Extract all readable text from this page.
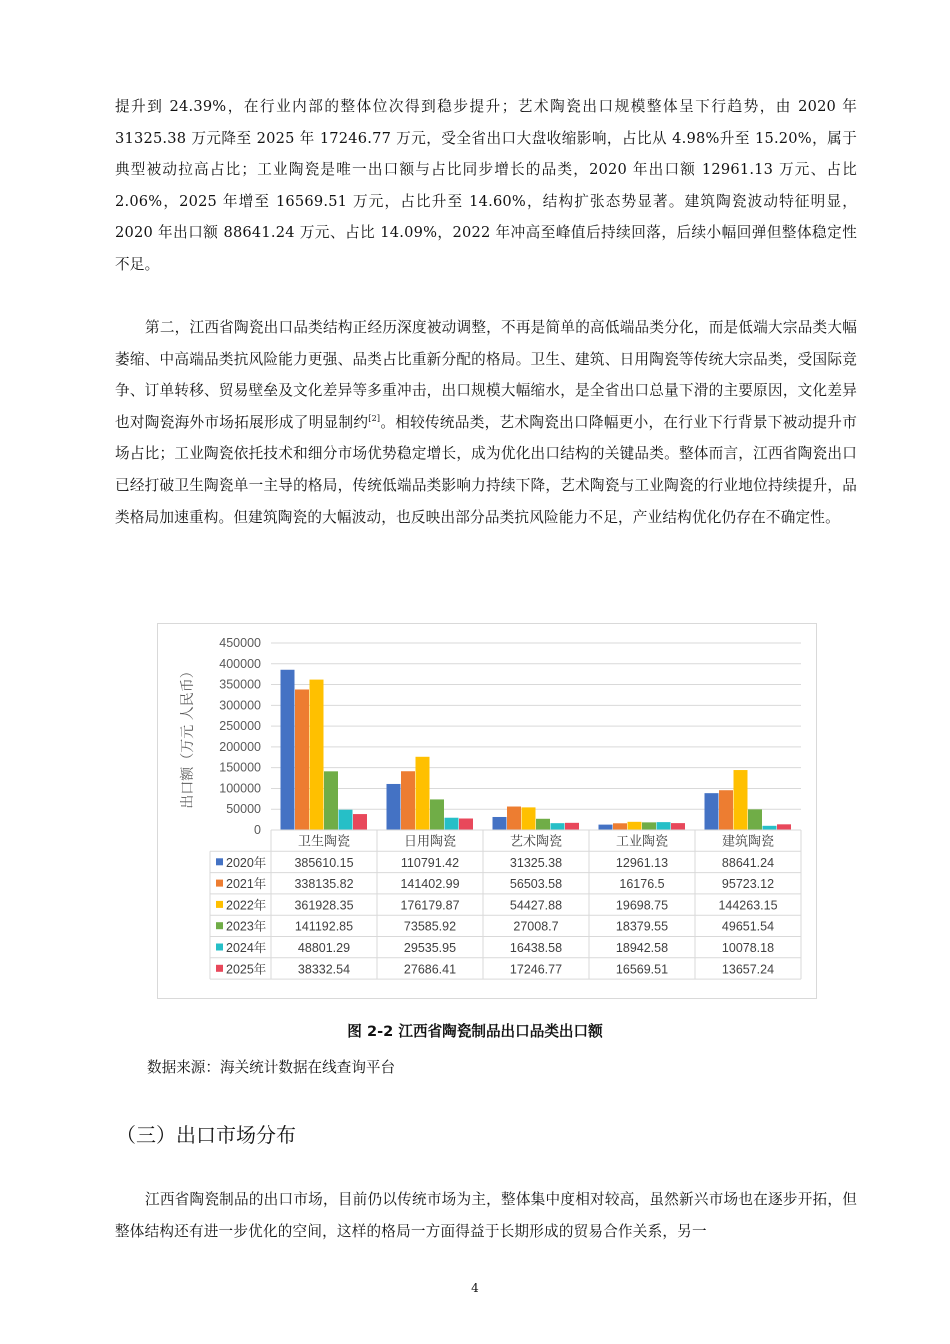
提升到 24.39%，在行业内部的整体位次得到稳步提升；艺术陶瓷出口规模整体呈下行趋势，由 2020 年 31325.38 万元降至 2025 年 17246.77 万元，受全省出口大盘收缩影响，占比从 4.98%升至 15.20%，属于典型被动拉高占比；工业陶瓷是唯一出口额与占比同步增长的品类，2020 年出口额 12961.13 万元、占比 2.06%，2025 年增至 16569.51 万元，占比升至 14.60%，结构扩张态势显著。建筑陶瓷波动特征明显，2020 年出口额 88641.24 万元、占比 14.09%，2022 年冲高至峰值后持续回落，后续小幅回弹但整体稳定性不足。

第二，江西省陶瓷出口品类结构正经历深度被动调整，不再是简单的高低端品类分化，而是低端大宗品类大幅萎缩、中高端品类抗风险能力更强、品类占比重新分配的格局。卫生、建筑、日用陶瓷等传统大宗品类，受国际竞争、订单转移、贸易壁垒及文化差异等多重冲击，出口规模大幅缩水，是全省出口总量下滑的主要原因，文化差异也对陶瓷海外市场拓展形成了明显制约[2]。相较传统品类，艺术陶瓷出口降幅更小，在行业下行背景下被动提升市场占比；工业陶瓷依托技术和细分市场优势稳定增长，成为优化出口结构的关键品类。整体而言，江西省陶瓷出口已经打破卫生陶瓷单一主导的格局，传统低端品类影响力持续下降，艺术陶瓷与工业陶瓷的行业地位持续提升，品类格局加速重构。但建筑陶瓷的大幅波动，也反映出部分品类抗风险能力不足，产业结构优化仍存在不确定性。

0
50000
100000
150000
200000
250000
300000
350000
400000
450000
出口额（万元 人民币）
卫生陶瓷	日用陶瓷	艺术陶瓷	工业陶瓷	建筑陶瓷
2020年 385610.15	110791.42	31325.38	12961.13	88641.24
2021年 338135.82	141402.99	56503.58	16176.5	95723.12
2022年 361928.35	176179.87	54427.88	19698.75	144263.15
2023年 141192.85	73585.92	27008.7	18379.55	49651.54
2024年	48801.29	29535.95	16438.58	18942.58	10078.18
2025年	38332.54	27686.41	17246.77	16569.51	13657.24
图 2-2 江西省陶瓷制品出口品类出口额
数据来源：海关统计数据在线查询平台
（三）出口市场分布

江西省陶瓷制品的出口市场，目前仍以传统市场为主，整体集中度相对较高，虽然新兴市场也在逐步开拓，但整体结构还有进一步优化的空间，这样的格局一方面得益于长期形成的贸易合作关系，另一

4
